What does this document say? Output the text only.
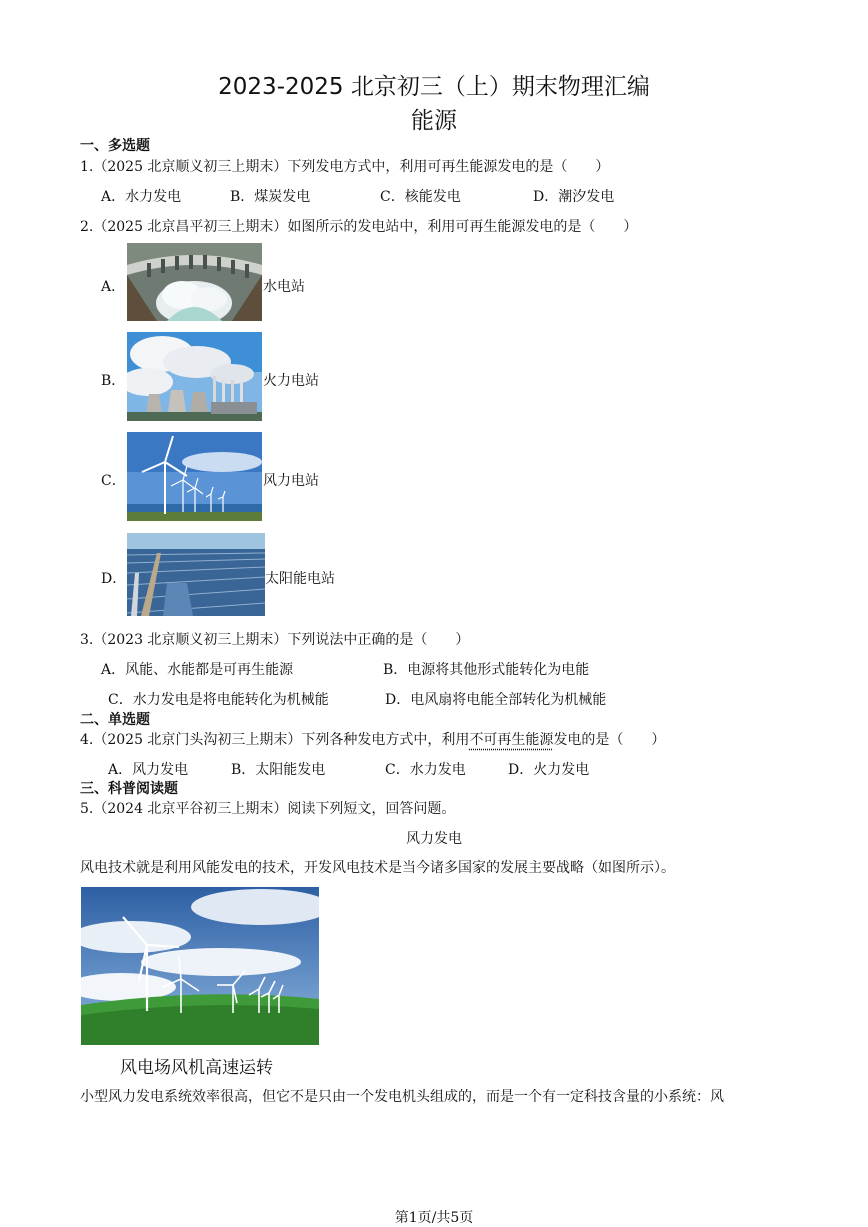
2023-2025 北京初三（上）期末物理汇编
能源
一、多选题
1.（2025 北京顺义初三上期末）下列发电方式中，利用可再生能源发电的是（　　）
A．水力发电	B．煤炭发电	C．核能发电	D．潮汐发电
2.（2025 北京昌平初三上期末）如图所示的发电站中，利用可再生能源发电的是（　　）
A．	水电站
B．	火力电站
C．	风力电站
D．	太阳能电站
3.（2023 北京顺义初三上期末）下列说法中正确的是（　　）
A．风能、水能都是可再生能源	B．电源将其他形式能转化为电能
C．水力发电是将电能转化为机械能	D．电风扇将电能全部转化为机械能
二、单选题
4.（2025 北京门头沟初三上期末）下列各种发电方式中，利用不可再生能源发电的是（　　）
A．风力发电	B．太阳能发电	C．水力发电	D．火力发电
三、科普阅读题
5.（2024 北京平谷初三上期末）阅读下列短文，回答问题。
风力发电
风电技术就是利用风能发电的技术，开发风电技术是当今诸多国家的发展主要战略（如图所示）。
风电场风机高速运转
小型风力发电系统效率很高，但它不是只由一个发电机头组成的，而是一个有一定科技含量的小系统：风
第1页/共5页
